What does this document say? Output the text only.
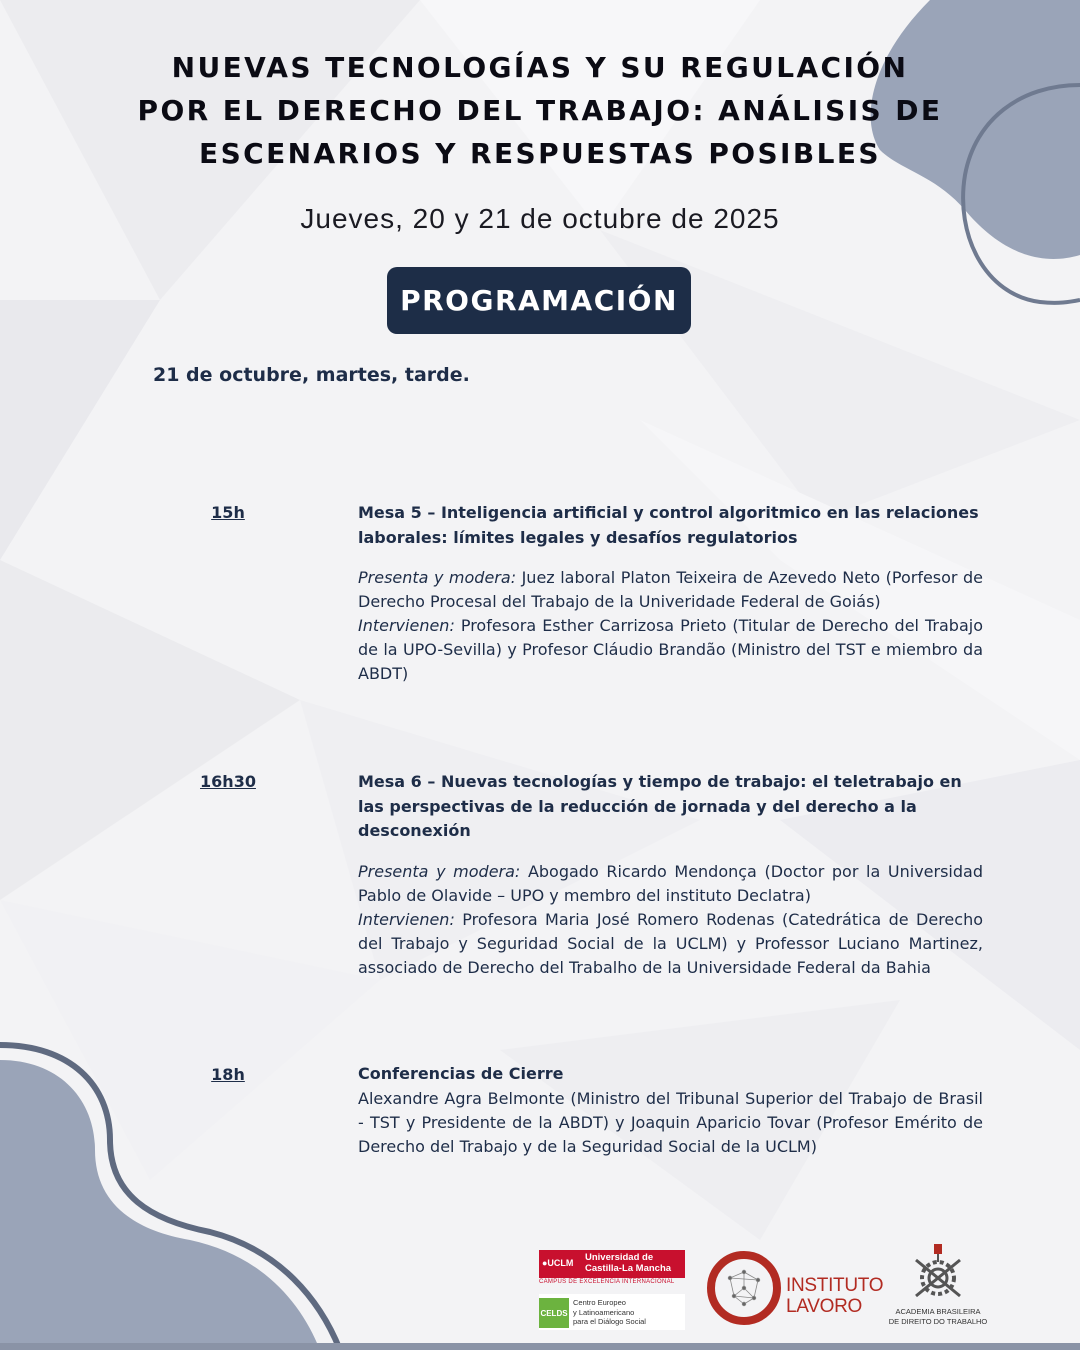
NUEVAS TECNOLOGÍAS Y SU REGULACIÓN
POR EL DERECHO DEL TRABAJO: ANÁLISIS DE
ESCENARIOS Y RESPUESTAS POSIBLES
Jueves, 20 y 21 de octubre de 2025
PROGRAMACIÓN
21 de octubre, martes, tarde.
15h	Mesa 5 – Inteligencia artificial y control algoritmico en las relaciones laborales: límites legales y desafíos regulatorios

Presenta y modera: Juez laboral Platon Teixeira de Azevedo Neto (Porfesor de Derecho Procesal del Trabajo de la Univeridade Federal de Goiás)

Intervienen: Profesora Esther Carrizosa Prieto (Titular de Derecho del Trabajo de la UPO-Sevilla) y Profesor Cláudio Brandão (Ministro del TST e miembro da ABDT)

16h30	Mesa 6 – Nuevas tecnologías y tiempo de trabajo: el teletrabajo en las perspectivas de la reducción de jornada y del derecho a la desconexión

Presenta y modera: Abogado Ricardo Mendonça (Doctor por la Universidad Pablo de Olavide – UPO y membro del instituto Declatra)

Intervienen: Profesora Maria José Romero Rodenas (Catedrática de Derecho del Trabajo y Seguridad Social de la UCLM) y Professor Luciano Martinez, associado de Derecho del Trabalho de la Universidade Federal da Bahia

18h	Conferencias de Cierre

Alexandre Agra Belmonte (Ministro del Tribunal Superior del Trabajo de Brasil - TST y Presidente de la ABDT) y Joaquin Aparicio Tovar (Profesor Emérito de Derecho del Trabajo y de la Seguridad Social de la UCLM)

●UCLM Universidad de
Castilla-La Mancha
CAMPUS DE EXCELENCIA INTERNACIONAL
CELDS
Centro Europeo
y Latinoamericano
para el Diálogo Social
INSTITUTO
LAVORO	ACADEMIA BRASILEIRA
DE DIREITO DO TRABALHO
